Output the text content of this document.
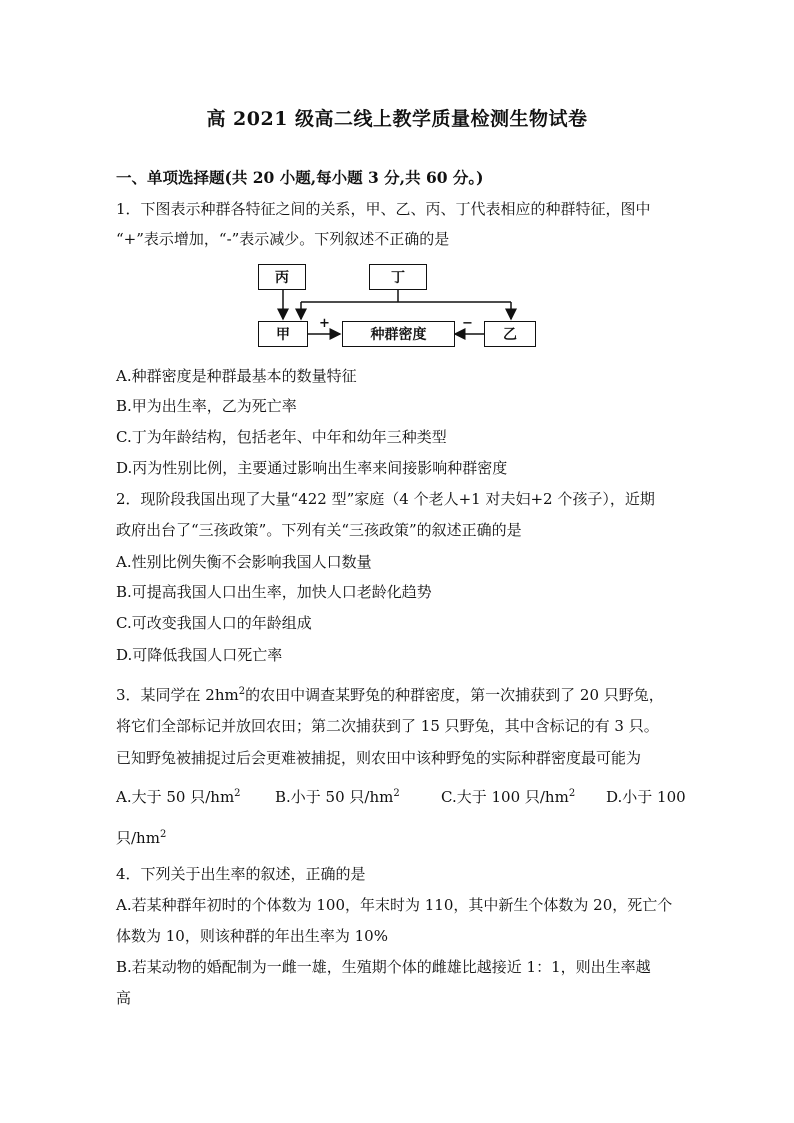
高 2021 级高二线上教学质量检测生物试卷
一、单项选择题(共 20 小题,每小题 3 分,共 60 分。)
1．下图表示种群各特征之间的关系，甲、乙、丙、丁代表相应的种群特征，图中
“+”表示增加，“-”表示减少。下列叙述不正确的是
丙	丁
甲	种群密度	乙
+	−
A.种群密度是种群最基本的数量特征
B.甲为出生率，乙为死亡率
C.丁为年龄结构，包括老年、中年和幼年三种类型
D.丙为性别比例，主要通过影响出生率来间接影响种群密度
2．现阶段我国出现了大量“422 型”家庭（4 个老人+1 对夫妇+2 个孩子），近期
政府出台了“三孩政策”。下列有关“三孩政策”的叙述正确的是
A.性别比例失衡不会影响我国人口数量
B.可提高我国人口出生率，加快人口老龄化趋势
C.可改变我国人口的年龄组成
D.可降低我国人口死亡率
3．某同学在 $2hm^2$的农田中调查某野兔的种群密度，第一次捕获到了 20 只野兔，
将它们全部标记并放回农田；第二次捕获到了 15 只野兔，其中含标记的有 3 只。
已知野兔被捕捉过后会更难被捕捉，则农田中该种野兔的实际种群密度最可能为
A.大于 50 只$/hm^2$ B.小于 50 只$/hm^2$	C.大于 100 只$/hm^2$ D.小于 100
只$/hm^2$
4．下列关于出生率的叙述，正确的是
A.若某种群年初时的个体数为 100，年末时为 110，其中新生个体数为 20，死亡个
体数为 10，则该种群的年出生率为 10%
B.若某动物的婚配制为一雌一雄，生殖期个体的雌雄比越接近 1：1，则出生率越
高
